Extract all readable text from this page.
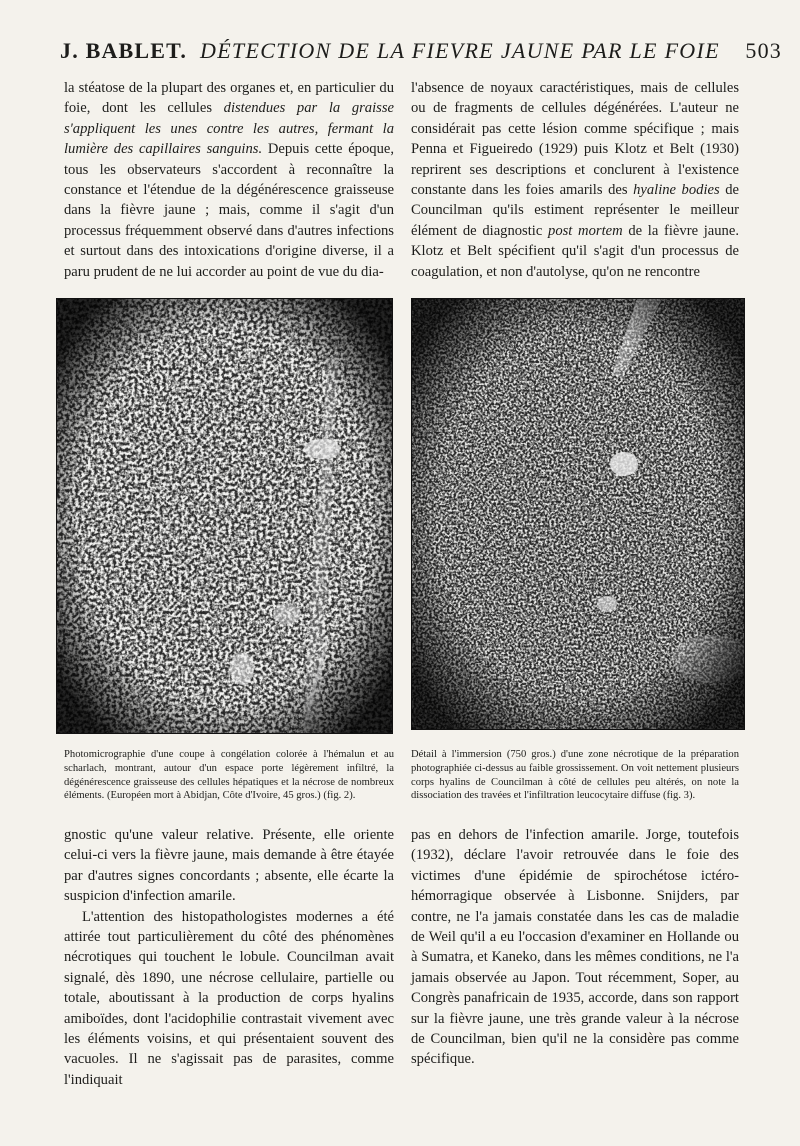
J. BABLET. DÉTECTION DE LA FIEVRE JAUNE PAR LE FOIE 503

la stéatose de la plupart des organes et, en particulier du foie, dont les cellules distendues par la graisse s'appliquent les unes contre les autres, fermant la lumière des capillaires sanguins. Depuis cette époque, tous les observateurs s'accordent à reconnaître la constance et l'étendue de la dégénérescence graisseuse dans la fièvre jaune ; mais, comme il s'agit d'un processus fréquemment observé dans d'autres infections et surtout dans des intoxications d'origine diverse, il a paru prudent de ne lui accorder au point de vue du dia-

l'absence de noyaux caractéristiques, mais de cellules ou de fragments de cellules dégénérées. L'auteur ne considérait pas cette lésion comme spécifique ; mais Penna et Figueiredo (1929) puis Klotz et Belt (1930) reprirent ses descriptions et conclurent à l'existence constante dans les foies amarils des hyaline bodies de Councilman qu'ils estiment représenter le meilleur élément de diagnostic post mortem de la fièvre jaune. Klotz et Belt spécifient qu'il s'agit d'un processus de coagulation, et non d'autolyse, qu'on ne rencontre

Photomicrographie d'une coupe à congélation colorée à l'hémalun et au scharlach, montrant, autour d'un espace porte légèrement infiltré, la dégénérescence graisseuse des cellules hépatiques et la nécrose de nombreux éléments. (Européen mort à Abidjan, Côte d'Ivoire, 45 gros.) (fig. 2).
Détail à l'immersion (750 gros.) d'une zone nécrotique de la préparation photographiée ci-dessus au faible grossissement. On voit nettement plusieurs corps hyalins de Councilman à côté de cellules peu altérés, on note la dissociation des travées et l'infiltration leucocytaire diffuse (fig. 3).

gnostic qu'une valeur relative. Présente, elle oriente celui-ci vers la fièvre jaune, mais demande à être étayée par d'autres signes concordants ; absente, elle écarte la suspicion d'infection amarile.

L'attention des histopathologistes modernes a été attirée tout particulièrement du côté des phénomènes nécrotiques qui touchent le lobule. Councilman avait signalé, dès 1890, une nécrose cellulaire, partielle ou totale, aboutissant à la production de corps hyalins amiboïdes, dont l'acidophilie contrastait vivement avec les éléments voisins, et qui présentaient souvent des vacuoles. Il ne s'agissait pas de parasites, comme l'indiquait

pas en dehors de l'infection amarile. Jorge, toutefois (1932), déclare l'avoir retrouvée dans le foie des victimes d'une épidémie de spirochétose ictéro-hémorragique observée à Lisbonne. Snijders, par contre, ne l'a jamais constatée dans les cas de maladie de Weil qu'il a eu l'occasion d'examiner en Hollande ou à Sumatra, et Kaneko, dans les mêmes conditions, ne l'a jamais observée au Japon. Tout récemment, Soper, au Congrès panafricain de 1935, accorde, dans son rapport sur la fièvre jaune, une très grande valeur à la nécrose de Councilman, bien qu'il ne la considère pas comme spécifique.
